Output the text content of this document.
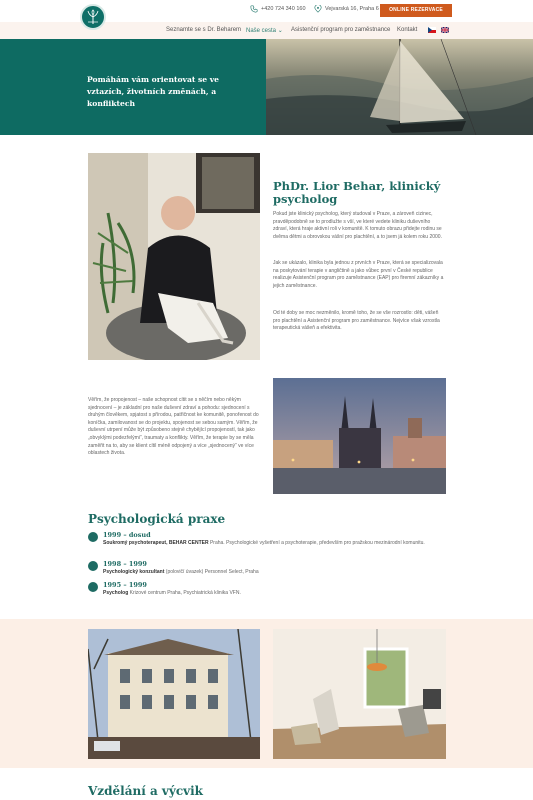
+420 724 340 160	Vejvarská 16, Praha 6	ONLINE REZERVACE
Seznamte se s Dr. Beharem Naše cesta ⌄ Asistenční program pro zaměstnance Kontakt
Pomáhám vám orientovat se ve vztazích, životních změnách, a konfliktech
PhDr. Lior Behar, klinický psycholog
Pokud jste klinický psycholog, který studoval v Praze, a zároveň cizinec, pravděpodobně se to prodlužte s vší, ve které vedete kliniku duševního zdraví, která hraje aktivní roli v komunitě. K tomuto obrazu přidejte rodinu se dvěma dětmi a obrovskou vášní pro plachtění, a to jsem já kolem roku 2000.
Jak se ukázalo, klinika byla jednou z prvních v Praze, která se specializovala na poskytování terapie v angličtině a jako vůbec první v České republice realizuje Asistenční program pro zaměstnance (EAP) pro firemní zákazníky a jejich zaměstnance.
Od té doby se moc nezměnilo, kromě toho, že se vše rozrostlo: děti, vášeň pro plachtění a Asistenční program pro zaměstnance. Nejvíce však vzrostla terapeutická vášeň a efektivita.
Věřím, že propojenost – naše schopnost cítit se s něčím nebo někým sjednocení – je základní pro naše duševní zdraví a pohodu: sjednocení s druhým člověkem, spjatost s přírodou, patřičnost ke komunitě, ponořenost do koníčka, zamilovanost se do projektu, spojenost se sebou samým. Věřím, že duševní utrpení může být způsobeno stejně chybějící propojeností, tak jako „obvyklými podezřelými“, traumaty a konflikty. Věřím, že terapie by se měla zaměřit na to, aby se klient cítil méně odpojený a více „sjednocený“ ve více oblastech života.
Psychologická praxe
1999 – dosud
Soukromý psychoterapeut, BEHAR CENTER Praha. Psychologické vyšetření a psychoterapie, především pro pražskou mezinárodní komunitu.
1998 – 1999
Psychologický konzultant (polovičí úvazek) Personnel Select, Praha
1995 – 1999
Psycholog Krizové centrum Praha, Psychiatrická klinika VFN.
Vzdělání a výcvik
